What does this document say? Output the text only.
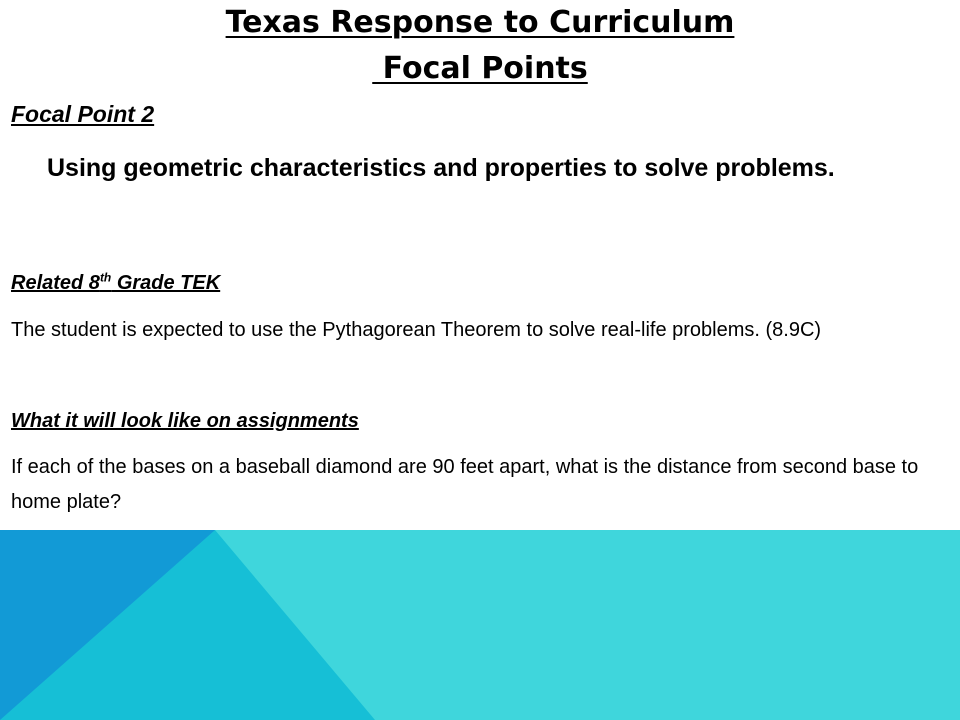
Texas Response to Curriculum
Focal Points
Focal Point 2
Using geometric characteristics and properties to solve problems.
Related 8th Grade TEK
The student is expected to use the Pythagorean Theorem to solve real-life problems. (8.9C)
What it will look like on assignments
If each of the bases on a baseball diamond are 90 feet apart, what is the distance from second base to home plate?
